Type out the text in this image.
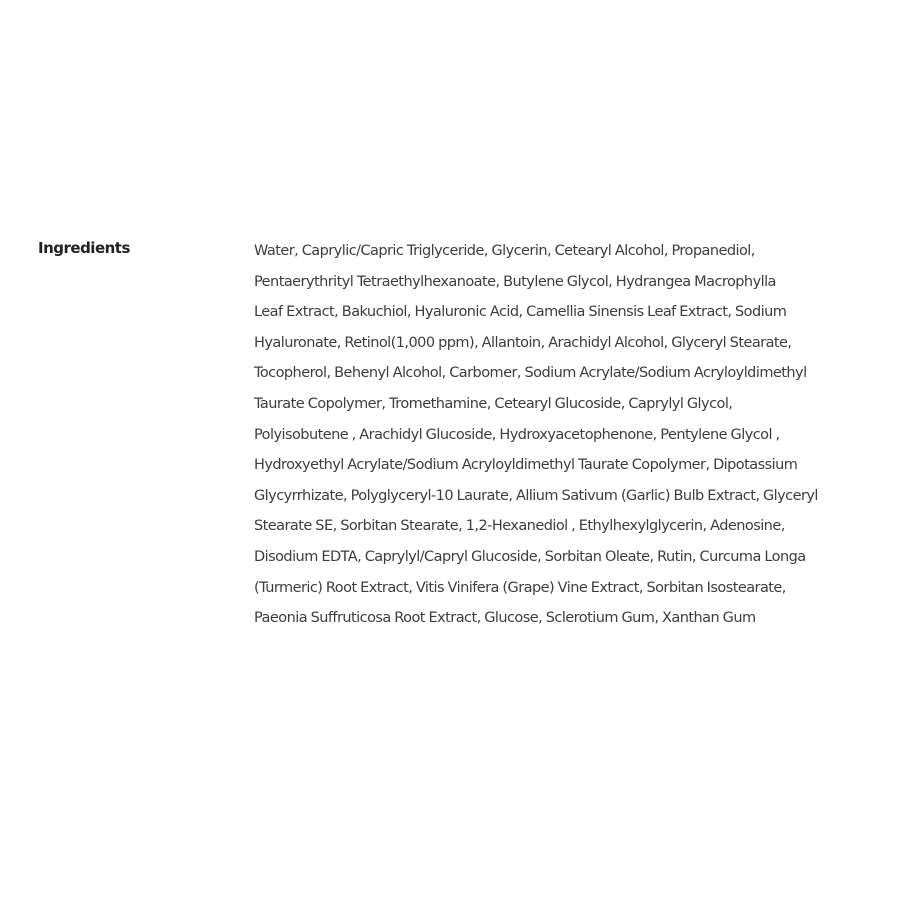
Ingredients	Water, Caprylic/Capric Triglyceride, Glycerin, Cetearyl Alcohol, Propanediol,
Pentaerythrityl Tetraethylhexanoate, Butylene Glycol, Hydrangea Macrophylla
Leaf Extract, Bakuchiol, Hyaluronic Acid, Camellia Sinensis Leaf Extract, Sodium
Hyaluronate, Retinol(1,000 ppm), Allantoin, Arachidyl Alcohol, Glyceryl Stearate,
Tocopherol, Behenyl Alcohol, Carbomer, Sodium Acrylate/Sodium Acryloyldimethyl
Taurate Copolymer, Tromethamine, Cetearyl Glucoside, Caprylyl Glycol,
Polyisobutene , Arachidyl Glucoside, Hydroxyacetophenone, Pentylene Glycol ,
Hydroxyethyl Acrylate/Sodium Acryloyldimethyl Taurate Copolymer, Dipotassium
Glycyrrhizate, Polyglyceryl-10 Laurate, Allium Sativum (Garlic) Bulb Extract, Glyceryl
Stearate SE, Sorbitan Stearate, 1,2-Hexanediol , Ethylhexylglycerin, Adenosine,
Disodium EDTA, Caprylyl/Capryl Glucoside, Sorbitan Oleate, Rutin, Curcuma Longa
(Turmeric) Root Extract, Vitis Vinifera (Grape) Vine Extract, Sorbitan Isostearate,
Paeonia Suffruticosa Root Extract, Glucose, Sclerotium Gum, Xanthan Gum
